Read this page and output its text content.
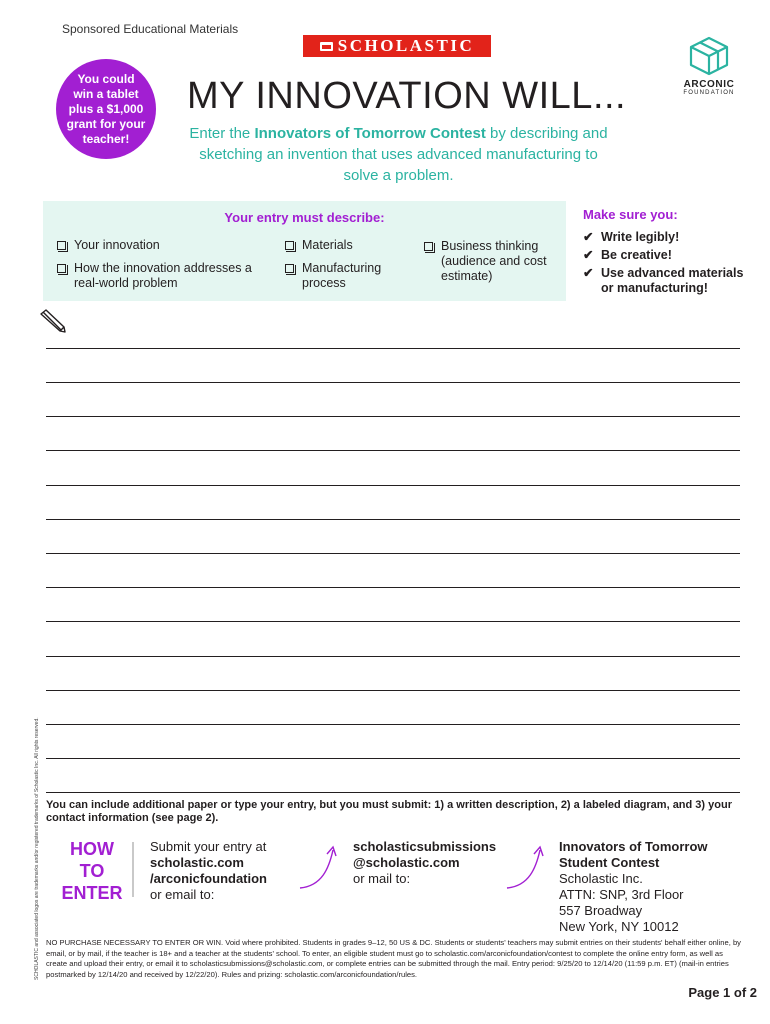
Sponsored Educational Materials
SCHOLASTIC
ARCONIC
FOUNDATION
You could win a tablet plus a $1,000 grant for your teacher!
MY INNOVATION WILL...
Enter the Innovators of Tomorrow Contest by describing and sketching an invention that uses advanced manufacturing to solve a problem.
Your entry must describe:
Your innovation
How the innovation addresses a real-world problem
Materials
Manufacturing process
Business thinking (audience and cost estimate)
Make sure you:
✔ Write legibly!
✔ Be creative!
✔ Use advanced materials or manufacturing!
SCHOLASTIC and associated logos are trademarks and/or registered trademarks of Scholastic Inc. All rights reserved. You can include additional paper or type your entry, but you must submit: 1) a written description, 2) a labeled diagram, and 3) your contact information (see page 2).
HOW TO ENTER
Submit your entry at
scholastic.com
/arconicfoundation
or email to:
scholasticsubmissions
@scholastic.com
or mail to:
Innovators of Tomorrow
Student Contest
Scholastic Inc.
ATTN: SNP, 3rd Floor
557 Broadway
New York, NY 10012
NO PURCHASE NECESSARY TO ENTER OR WIN. Void where prohibited. Students in grades 9–12, 50 US & DC. Students or students' teachers may submit entries on their students' behalf either online, by email, or by mail, if the teacher is 18+ and a teacher at the students' school. To enter, an eligible student must go to scholastic.com/arconicfoundation/contest to complete the online entry form, as well as create and upload their entry, or email it to scholasticsubmissions@scholastic.com, or complete entries can be submitted through the mail. Entry period: 9/25/20 to 12/14/20 (11:59 p.m. ET) (mail-in entries postmarked by 12/14/20 and received by 12/22/20). Rules and prizing: scholastic.com/arconicfoundation/rules.
Page 1 of 2
